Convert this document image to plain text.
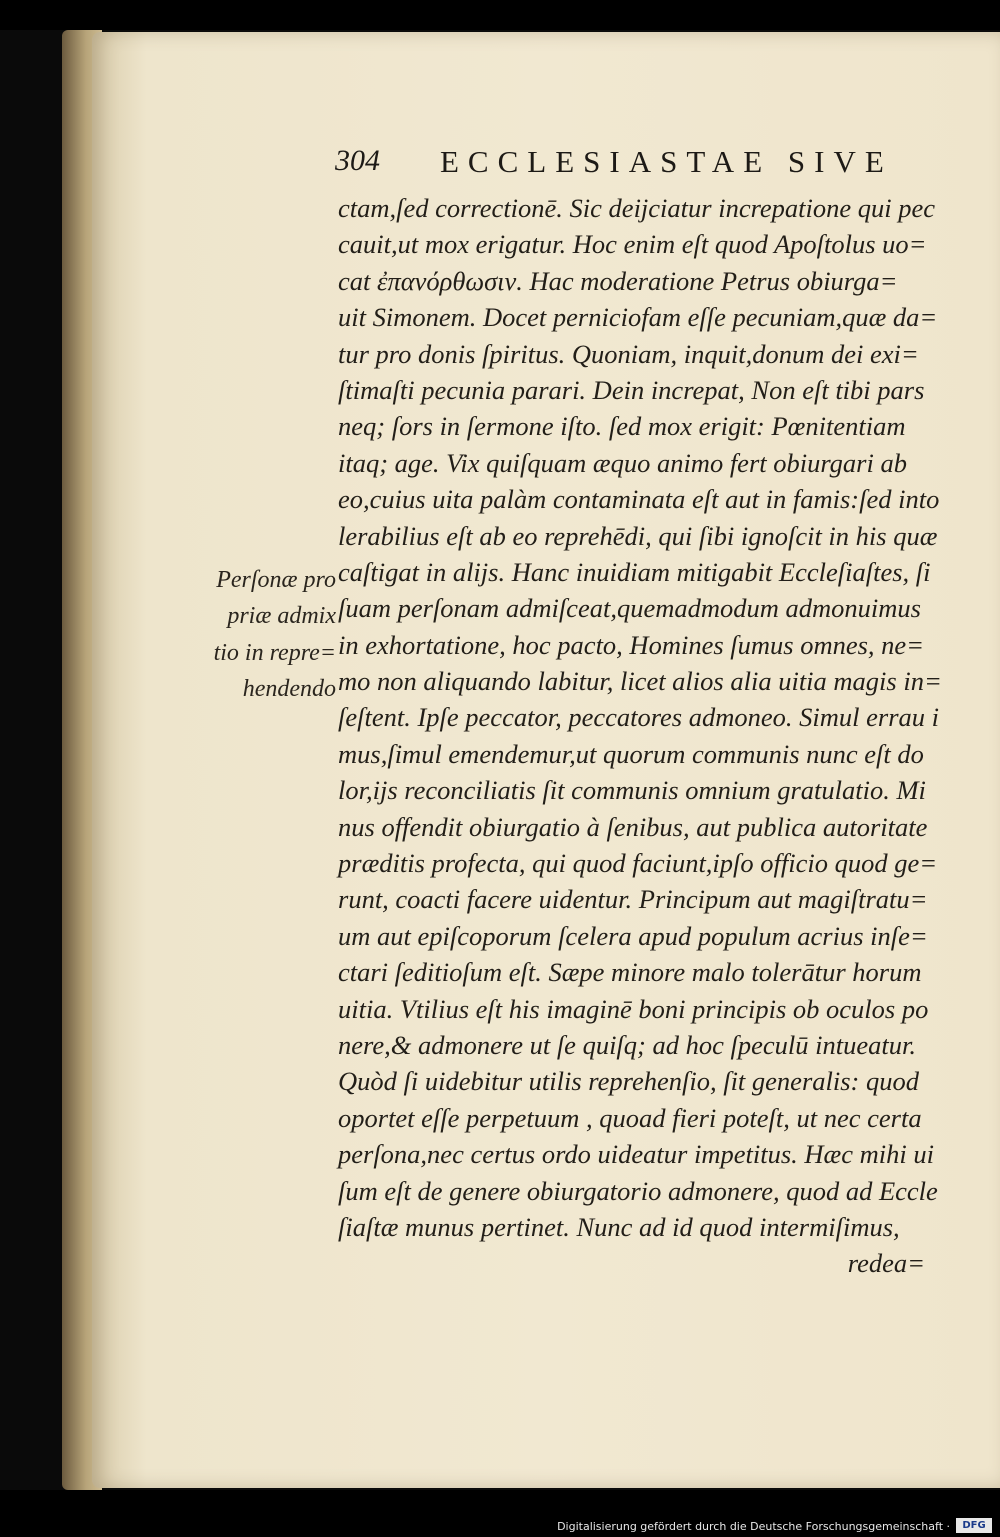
304 ECCLESIASTAE SIVE
ctam,ſed correctionē. Sic deijciatur increpatione qui pec
cauit,ut mox erigatur. Hoc enim eſt quod Apoſtolus uo=
cat ἐπανόρθωσιν. Hac moderatione Petrus obiurga=
uit Simonem. Docet perniciofam eſſe pecuniam,quæ da=
tur pro donis ſpiritus. Quoniam, inquit,donum dei exi=
ſtimaſti pecunia parari. Dein increpat, Non eſt tibi pars
neq; ſors in ſermone iſto. ſed mox erigit: Pœnitentiam
itaq; age. Vix quiſquam æquo animo fert obiurgari ab
eo,cuius uita palàm contaminata eſt aut in famis:ſed into
lerabilius eſt ab eo reprehēdi, qui ſibi ignoſcit in his quæ
caſtigat in alijs. Hanc inuidiam mitigabit Eccleſiaſtes, ſi
ſuam perſonam admiſceat,quemadmodum admonuimus
in exhortatione, hoc pacto, Homines ſumus omnes, ne=
mo non aliquando labitur, licet alios alia uitia magis in=
ſeſtent. Ipſe peccator, peccatores admoneo. Simul errau i
mus,ſimul emendemur,ut quorum communis nunc eſt do
lor,ijs reconciliatis ſit communis omnium gratulatio. Mi
nus offendit obiurgatio à ſenibus, aut publica autoritate
præditis profecta, qui quod faciunt,ipſo officio quod ge=
runt, coacti facere uidentur. Principum aut magiſtratu=
um aut epiſcoporum ſcelera apud populum acrius inſe=
ctari ſeditioſum eſt. Sæpe minore malo tolerātur horum
uitia. Vtilius eſt his imaginē boni principis ob oculos po
nere,& admonere ut ſe quiſq; ad hoc ſpeculū intueatur.
Quòd ſi uidebitur utilis reprehenſio, ſit generalis: quod
oportet eſſe perpetuum , quoad fieri poteſt, ut nec certa
perſona,nec certus ordo uideatur impetitus. Hæc mihi ui
ſum eſt de genere obiurgatorio admonere, quod ad Eccle
ſiaſtæ munus pertinet. Nunc ad id quod intermiſimus,
redea=
Perſonæ pro
priæ admix
tio in repre=
hendendo
Digitalisierung gefördert durch die Deutsche Forschungsgemeinschaft ·	DFG
